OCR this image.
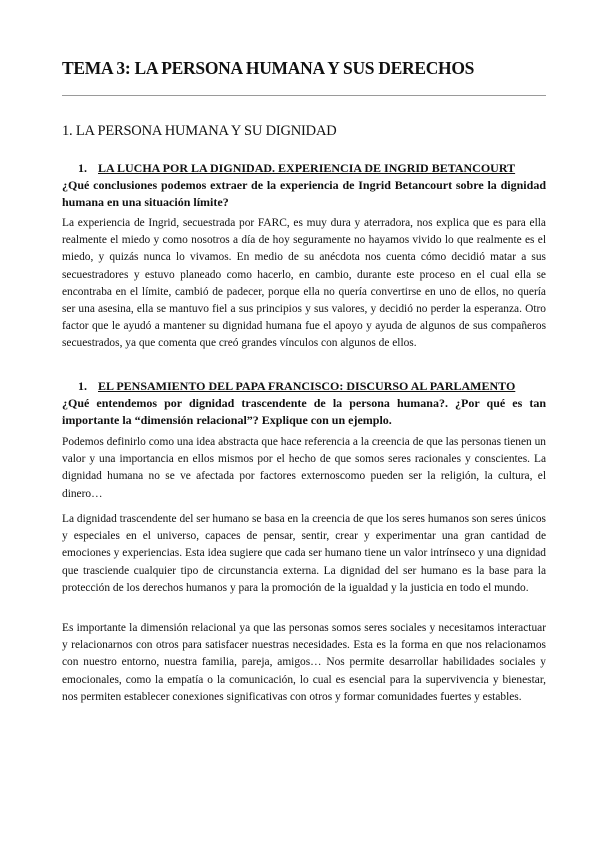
TEMA 3: LA PERSONA HUMANA Y SUS DERECHOS
1. LA PERSONA HUMANA Y SU DIGNIDAD
1. LA LUCHA POR LA DIGNIDAD. EXPERIENCIA DE INGRID BETANCOURT

¿Qué conclusiones podemos extraer de la experiencia de Ingrid Betancourt sobre la dignidad humana en una situación límite?

La experiencia de Ingrid, secuestrada por FARC, es muy dura y aterradora, nos explica que es para ella realmente el miedo y como nosotros a día de hoy seguramente no hayamos vivido lo que realmente es el miedo, y quizás nunca lo vivamos. En medio de su anécdota nos cuenta cómo decidió matar a sus secuestradores y estuvo planeado como hacerlo, en cambio, durante este proceso en el cual ella se encontraba en el límite, cambió de padecer, porque ella no quería convertirse en uno de ellos, no quería ser una asesina, ella se mantuvo fiel a sus principios y sus valores, y decidió no perder la esperanza. Otro factor que le ayudó a mantener su dignidad humana fue el apoyo y ayuda de algunos de sus compañeros secuestrados, ya que comenta que creó grandes vínculos con algunos de ellos.

1. EL PENSAMIENTO DEL PAPA FRANCISCO: DISCURSO AL PARLAMENTO

¿Qué entendemos por dignidad trascendente de la persona humana?. ¿Por qué es tan importante la “dimensión relacional”? Explique con un ejemplo.

Podemos definirlo como una idea abstracta que hace referencia a la creencia de que las personas tienen un valor y una importancia en ellos mismos por el hecho de que somos seres racionales y conscientes. La dignidad humana no se ve afectada por factores externoscomo pueden ser la religión, la cultura, el dinero…

La dignidad trascendente del ser humano se basa en la creencia de que los seres humanos son seres únicos y especiales en el universo, capaces de pensar, sentir, crear y experimentar una gran cantidad de emociones y experiencias. Esta idea sugiere que cada ser humano tiene un valor intrínseco y una dignidad que trasciende cualquier tipo de circunstancia externa. La dignidad del ser humano es la base para la protección de los derechos humanos y para la promoción de la igualdad y la justicia en todo el mundo.

Es importante la dimensión relacional ya que las personas somos seres sociales y necesitamos interactuar y relacionarnos con otros para satisfacer nuestras necesidades. Esta es la forma en que nos relacionamos con nuestro entorno, nuestra familia, pareja, amigos… Nos permite desarrollar habilidades sociales y emocionales, como la empatía o la comunicación, lo cual es esencial para la supervivencia y bienestar, nos permiten establecer conexiones significativas con otros y formar comunidades fuertes y estables.
